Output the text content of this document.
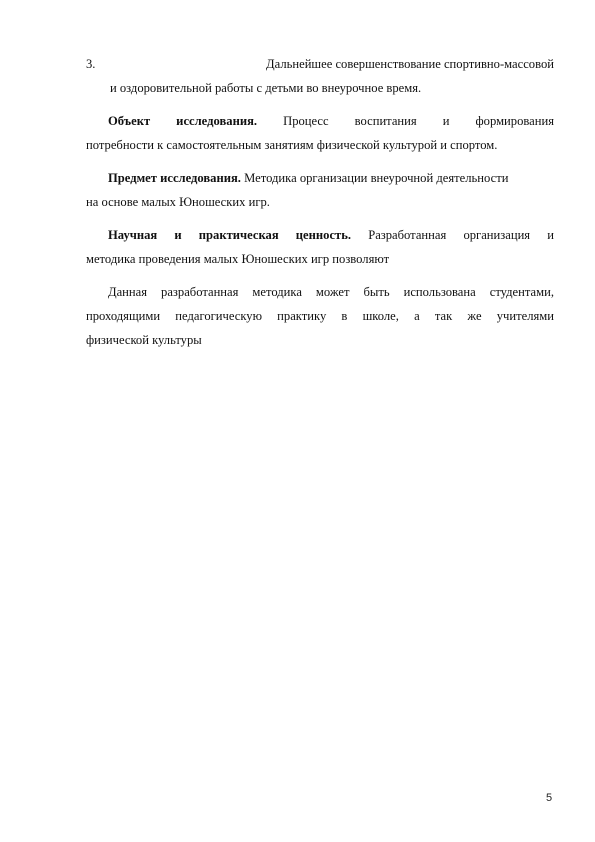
3.	Дальнейшее совершенствование спортивно-массовой
и оздоровительной работы с детьми во внеурочное время.
Объект исследования. Процесс воспитания и формирования
потребности к самостоятельным занятиям физической культурой и спортом.
Предмет исследования. Методика организации внеурочной деятельности
на основе малых Юношеских игр.
Научная и практическая ценность. Разработанная организация и
методика проведения малых Юношеских игр позволяют
Данная разработанная методика может быть использована студентами,
проходящими педагогическую практику в школе, а так же учителями
физической культуры
5
